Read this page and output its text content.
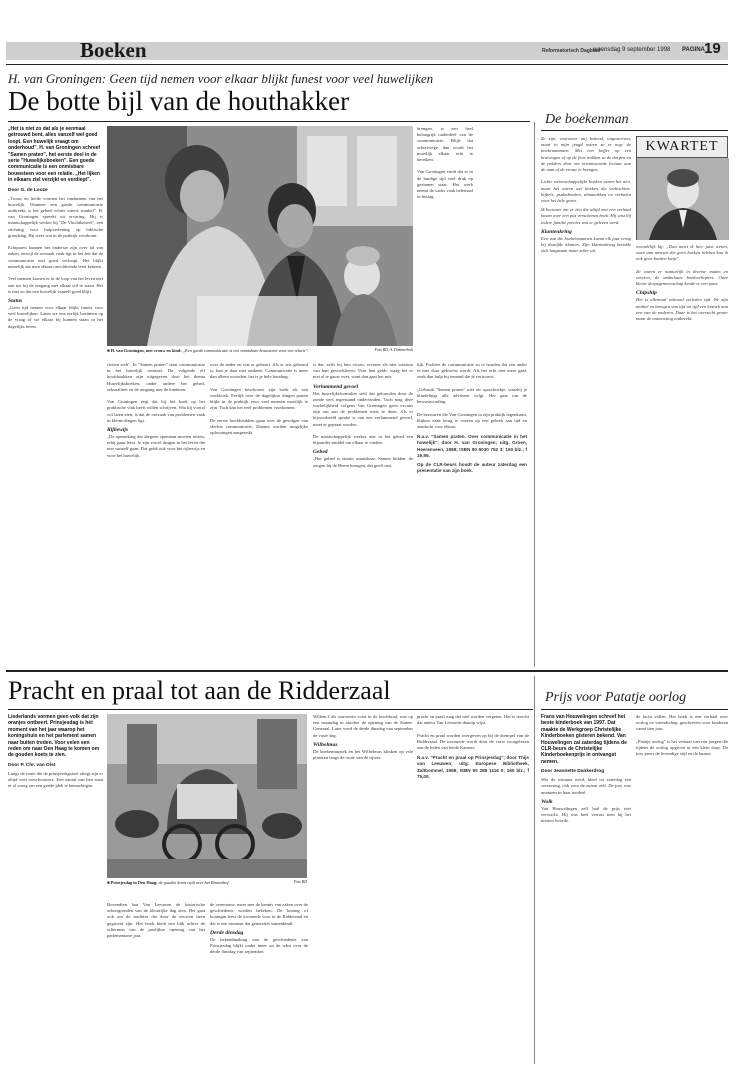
Boeken	Reformatorisch Dagblad
woensdag 9 september 1998 PAGINA 19
H. van Groningen: Geen tijd nemen voor elkaar blijkt funest voor veel huwelijken
De botte bijl van de houthakker
„Het is niet zo dat als je eenmaal getrouwd bent, alles vanzelf wel goed loopt. Een huwelijk vraagt om onderhoud". H. van Groningen schreef "Samen praten", het eerste deel in de serie "Huwelijksboeken". Een goede communicatie is een onmisbare bouwsteen voor een relatie. „Het lijken in elkaars ziel verzijkt en verdiept".
Door G. de Looze
„Trouw en liefde vormen het fundament van het huwelijk. Wanneer een goede communicatie ontbreekt, is het geheel echter uiterst wankel". H. van Groningen spreekt uit ervaring. Hij is maatschappelijk werker bij "De Vluchtheuvel", een stichting voor hulpverlening op biblische grondslag. Hij weet wat in de praktijk voorkomt.

Echtparen kunnen het onderste zijn over tal van zaken, terwijl de oorzaak vaak ligt in het feit dat de communicatie niet goed verloopt. Het blijkt namelijk dat men elkaar onvoldoende leert kennen.

Veel mensen komen er in de loop van het leven niet aan toe bij de omgang met elkaar stil te staan. Het is niet zo dat een huwelijk vanzelf goed blijft.
Status
„Geen tijd nemen voor elkaar blijkt funest voor veel huwelijken. Laten we ons eerlijk bezinnen op de vraag of we elkaar bij kunnen staan in het dagelijks leven.
■ H. van Groningen, met vrouw en kind: „Een goede communicatie is een onmisbare bouwsteen voor een relatie".	Foto RD, A. Dommerholt
rlotten stelt". In "Samen praten" staat communicatie in het huwelijk centraal. De volgende elf hoofdstukken zijn uitgegeven door het thema Huwelijksboeken, onder andere het gebed, seksualiteit en de omgang met de kinderen.

Van Groningen zegt dat hij het boek op het praktische vlak heeft willen schrijven. Wat hij vooral wil laten zien, is dat de oorzaak van problemen vaak in kleine dingen ligt.
Rijbewijs
„De opmerking dat diegene spontaan moeten reizen, erbij gaan leest. Je zijn zowel dingen in het leven die niet vanzelf gaan. Dat geldt ook voor het rijbewijs en voor het huwelijk.
over de ander en wat er gebeurt. Als er iets gebeurd is, kun je daar niet omheen. Communicatie is meer dan alleen woorden: het is je hele houding.

Van Groningen beschouwt zijn boek als een werkboek. Eerlijk over de dagelijkse dingen praten blijkt in de praktijk voor veel mensen moeilijk te zijn. Toch kan het veel problemen voorkomen.

De eerste hoofdstukken gaan over de gevolgen van slechte communicatie. Daarna worden mogelijke oplossingen aangereikt.
is dat, zelfs bij hun vrouw, ervaren als niet waarom van hun gevoelsleven. Voor hen geldt: waag het er niet al te gauw over, want dan gaat het mis.
Verlammend gevoel
Het huwelijksformulier stelt dat gehuwden door de zonde veel tegenstand ondervinden. Toch mag deze werkelijkheid volgens Van Groningen geen excuus zijn om aan de problemen niets te doen. Als er bijvoorbeeld sprake is van een verlammend gevoel, moet er gepraat worden.

De maatschappelijk werker ziet in het gebed een bijzonder middel om elkaar te vinden.
Gebed
„Het gebed is daarin onmisbaar. Samen bidden, de zorgen bij de Heere brengen, dat geeft rust.
brengen, is een heel belangrijk onderdeel van de communicatie. Blijft dat achterwege, dan wordt het moeilijk elkaar echt te bereiken.

Van Groningen vindt dat er in de huidige tijd veel druk op gezinnen staat. Het werk neemt de vader vaak helemaal in beslag.
lijk. Probeer de communicatie zo te houden dat een ander er niet door gekwetst wordt. Als het echt niet meer gaat, zoek dan hulp bij iemand die je vertrouwt.

„Gebruik "Samen praten" niet als spoorboekje, waarbij je blindelings alle adviezen volgt. Het gaat om de bewustwording.

De bezwaren die Van Groningen in zijn praktijk tegenkomt, blijken vaak terug te voeren op een gebrek aan tijd en aandacht voor elkaar.
N.a.v. "Samen praten. Over communicatie in het huwelijk"; door H. van Groningen; uitg. Groen, Heerenveen, 1998; ISBN 90 5030 752 3; 150 blz.; f 19,95.
Op de CLR-beurs houdt de auteur zaterdag een presentatie van zijn boek.
De boekenman
Ze zijn, voorzover mij bekend, uitgestorven, maar in mijn jeugd waren ze er nog: de boekenmannen. Met een koffer op een kruiwagen of op de fiets trokken ze de dorpen en de polders door om verantwoorde lectuur aan de man of de vrouw te brengen.

Lichte wetenschappelijke boeken waren het niet, maar het waren wel boeken die verkochten: bijbels, psalmboeken, almanakken en verhalen voor het hele gezin.
Ik herinner me er één die altijd met een verhaal kwam over een pas verschenen boek. Hij wist bij iedere familie precies wat er gelezen werd.
Klantenkring
Een van die boekenmannen kwam elk jaar terug bij dezelfde klanten. Zijn klantenkring breidde zich langzaam maar zeker uit.
KWARTET
woordelijk bij: „Dan moet ik hier juist wezen, want aan mensen die geen boeken hebben kan ik ook geen boeken kwijt".

Ze waren er natuurlijk in diverse maten en soorten, de ambulante boekverkopers. Onze kleine dorpsgemeenschap kende er een paar.
Chipship
Het is allemaal voltooid verleden tijd. We zijn mobiel en brengen van tijd tot tijd een bezoek aan een van de onderen. Daar is het overzicht groter maar de ontmoeting ontbreekt.
Pracht en praal tot aan de Ridderzaal
Liederlands vormen geen volk dat zijn oranjes ontbeert. Prinsjesdag is hét moment van het jaar waarop het koningshuis en het parlement samen naar buiten treden. Voor velen een reden om naar Den Haag te komen om de gouden koets te zien.
Door P. Chr. van Olst
Langs de route die de prinsjesdagstoet afiegt zijn er altijd veel toeschouwers. Een aantal van hen staat er al vroeg om een goede plek te bemachtigen.
■ Prinsjesdag in Den Haag: de gouden koets rijdt over het Binnenhof.	Foto RD
Bovendien laat Van Leeuwen de historische achtergronden van de kleurrijke dag zien. Het gaat ook om de tradities die door de eeuwen heen gegroeid zijn. Het boek biedt een blik achter de schermen van de jaarlijkse opening van het parlementaire jaar.
de ceremonie, moet met de kennis van zaken over de geschiedenis worden bekeken. De koning of koningin leest de troonrede voor in de Ridderzaal en dat is een moment dat generaties samenbindt.
Derde dinsdag
De bekendmaking van de geschiedenis van Prinsjesdag blijkt onder meer uit de tekst over de derde dinsdag van september.
Willem I als souverein vorst in de hoofdstad, was op een maandag in oktober de opening van de Staten-Generaal. Later werd de derde dinsdag van september de vaste dag.
Wilhelmus
De boekenmuziek en het Wilhelmus klinken op vele plaatsen langs de route van de rijtoer.
pracht en praal mag dat niet worden vergeten. Het is terecht dat auteur Van Leeuwen daarop wijst.

Pracht en praal worden overgeven op bij de drempel van de Ridderzaal. De troonrede wordt door de vorst voorgelezen aan de leden van beide Kamers.
N.a.v. "Pracht en praal op Prinsjesdag"; door Thijs van Leeuwen; uitg. Europese Bibliotheek, Zaltbommel, 1998; ISBN 90 288 1116 0; 160 blz.; f 75,00.
Prijs voor Patatje oorlog
Frans van Houwelingen schreef het beste kinderboek van 1997. Dat maakte de Werkgroep Christelijke Kinderboeken gisteren bekend. Van Houwelingen zal zaterdag tijdens de CLR-beurs de Christelijke Kinderboekenprijs in ontvangst nemen.
Door Jeannette Dankerdrog
Wie de winnaar werd, bleef tot zaterdag een verrassing, ook voor de auteur zelf. De jury was unaniem in haar oordeel.
Wolk
Van Houwelingen zelf had de prijs niet verwacht. Hij was heel verrast toen hij het nieuws hoorde.
de lucht vallen. Het boek is een verhaal over oorlog en vriendschap, geschreven voor kinderen vanaf tien jaar.

„Patatje oorlog" is het verhaal van een jongen die tijdens de oorlog opgroeit in een klein dorp. De jury prees de levendige stijl en de humor.
